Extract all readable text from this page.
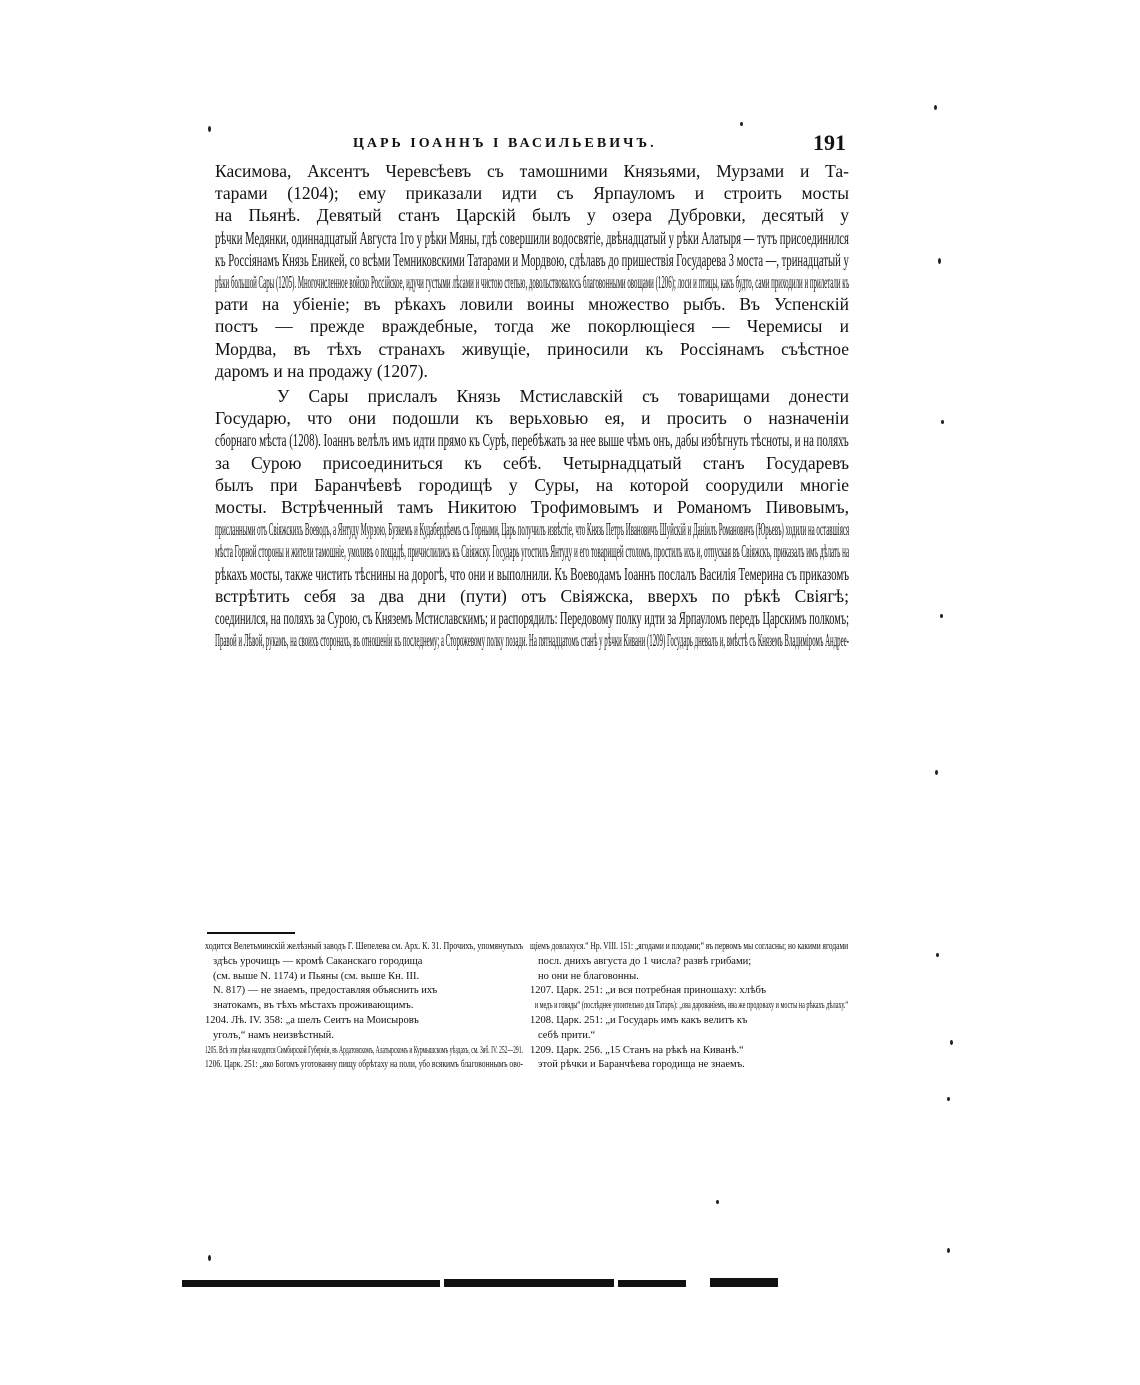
ЦАРЬ ІОАННЪ І ВАСИЛЬЕВИЧЪ.	191

Касимова, Аксентъ Черевсѣевъ съ тамошними Князьями, Мурзами и Та-
тарами (1204); ему приказали идти съ Ярпауломъ и строить мосты
на Пьянѣ. Девятый станъ Царскій былъ у озера Дубровки, десятый у
рѣчки Медянки, одиннадцатый Августа 1го у рѣки Мяны, гдѣ совершили водосвятіе, двѣнадцатый у рѣки Алатыря — тутъ присоединился
къ Россіянамъ Князь Еникей, со всѣми Темниковскими Татарами и Мордвою, сдѣлавъ до пришествія Государева 3 моста —, тринадцатый у
рѣки большой Сары (1205). Многочисленное войско Россійское, идучи густыми лѣсами и чистою степью, довольствовалось благовонными овощами (1206); лоси и птицы, какъ будто, сами приходили и прилетали къ
рати на убіеніе; въ рѣкахъ ловили воины множество рыбъ. Въ Успенскій
постъ — прежде враждебные, тогда же покорлющіеся — Черемисы и
Мордва, въ тѣхъ странахъ живущіе, приносили къ Россіянамъ съѣстное
даромъ и на продажу (1207).

У Сары прислалъ Князь Мстиславскій съ товарищами донести
Государю, что они подошли къ верьховью ея, и просить о назначеніи
сборнаго мѣста (1208). Іоаннъ велѣлъ имъ идти прямо къ Сурѣ, перебѣжать за нее выше чѣмъ онъ, дабы избѣгнуть тѣсноты, и на поляхъ
за Сурою присоединиться къ себѣ. Четырнадцатый станъ Государевъ
былъ при Баранчѣевѣ городищѣ у Суры, на которой соорудили многіе
мосты. Встрѣченный тамъ Никитою Трофимовымъ и Романомъ Пивовымъ,
присланными отъ Свіяжскихъ Воеводъ, а Янтуду Мурзою, Бузкемъ и Кудабердѣемъ съ Горными, Царь получилъ извѣстіе, что Князь Петръ Ивановичъ Шуйскій и Даніилъ Романовичъ (Юрьевъ) ходили на оставшіяся
мѣста Горной стороны и жители тамошніе, умоливъ о пощадѣ, причислились къ Свіяжску. Государь угостилъ Янтуду и его товарищей столомъ, простилъ ихъ и, отпуская въ Свіяжскъ, приказалъ имъ дѣлать на
рѣкахъ мосты, также чистить тѣснины на дорогѣ, что они и выполнили. Къ Воеводамъ Іоаннъ послалъ Василія Темерина съ приказомъ
встрѣтить себя за два дни (пути) отъ Свіяжска, вверхъ по рѣкѣ Свіягѣ;
соединился, на поляхъ за Сурою, съ Княземъ Мстиславскимъ; и распорядилъ: Передовому полку идти за Ярпауломъ передъ Царскимъ полкомъ;
Правой и Лѣвой, рукамъ, на своихъ сторонахъ, въ отношеніи къ последнему; а Сторожевому полку позади. На пятнадцатомъ станѣ у рѣчки Кивани (1209) Государь дневалъ и, вмѣстѣ съ Княземъ Владиміромъ Андрее-

ходится Велетьминскій желѣзный заводъ Г. Шепелева см. Арх. К. 31. Прочихъ, упомянутыхъ
здѣсь урочищъ — кромѣ Саканскаго городища
(см. выше N. 1174) и Пьяны (см. выше Кн. III.
N. 817) — не знаемъ, предоставляя объяснить ихъ
знатокамъ, въ тѣхъ мѣстахъ проживающимъ.
1204. Лѣ. IV. 358: „а шелъ Сеитъ на Моисыровъ
уголъ,“ намъ неизвѣстный.
1205. Всѣ эти рѣки находятся Симбирской Губерніи, въ Ардатовскомъ, Алатырскомъ и Курмышскомъ уѣздахъ, см. Зяб. IV. 252—291.
1206. Царк. 251: „яко Богомъ уготованну пищу обрѣтаху на поли, убо всякимъ благовоннымъ ово-
щіемъ довлахуся.“ Нр. VIII. 151: „ягодами и плодами;“ въ первомъ мы согласны; но какими ягодами
посл. днихъ августа до 1 числа? развѣ грибами;
но они не благовонны.
1207. Царк. 251: „и вся потребная приношаху: хлѣбъ
и медъ и говяды“ (послѣднее упоительно для Татаръ): „ова дарованіемъ, ива же продоваху и мосты на рѣкахъ дѣлаху.“
1208. Царк. 251: „и Государь имъ какъ велитъ къ
себѣ прити.“
1209. Царк. 256. „15 Станъ на рѣкѣ на Киванѣ.“
этой рѣчки и Баранчѣева городища не знаемъ.
